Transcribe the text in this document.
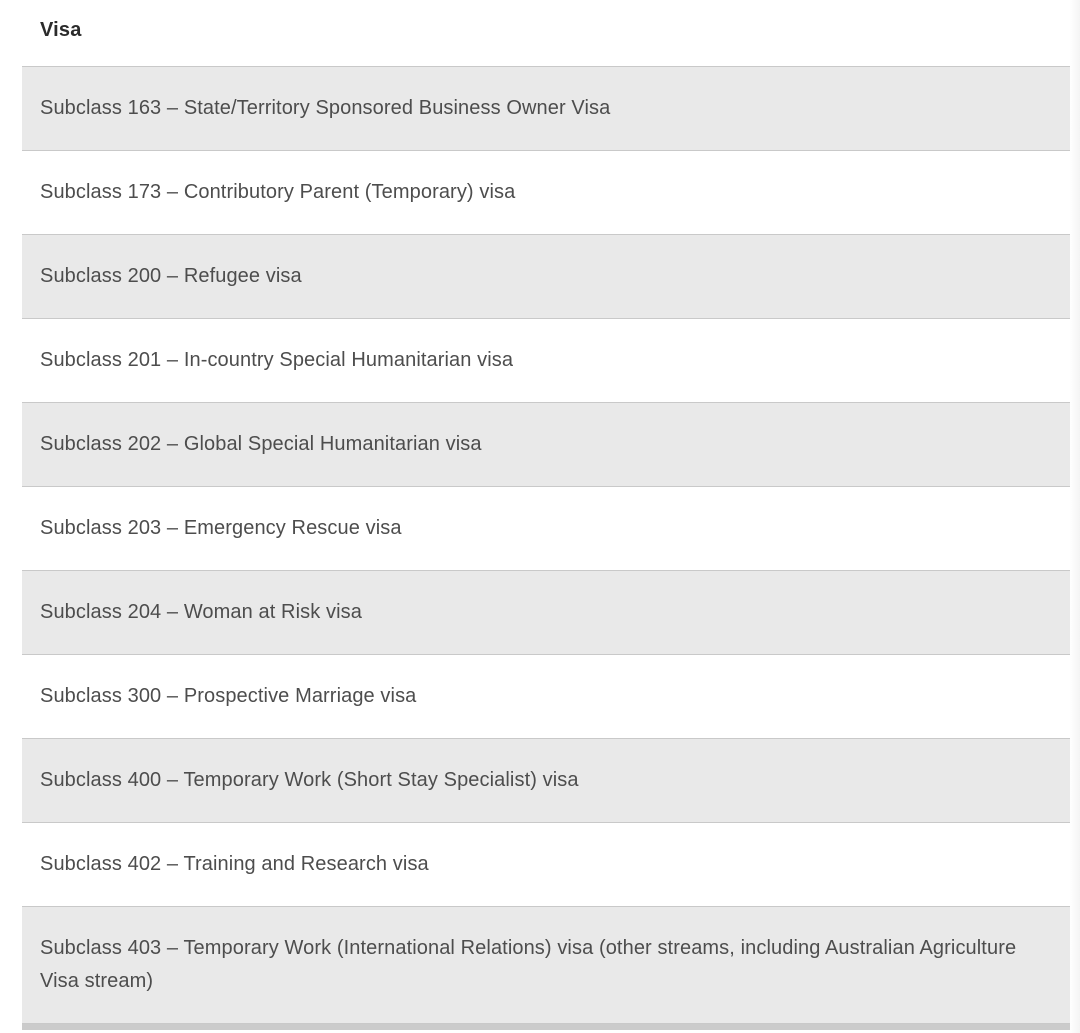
Visa
Subclass 163 – State/Territory Sponsored Business Owner Visa
Subclass 173 – Contributory Parent (Temporary) visa
Subclass 200 – Refugee visa
Subclass 201 – In-country Special Humanitarian visa
Subclass 202 – Global Special Humanitarian visa
Subclass 203 – Emergency Rescue visa
Subclass 204 – Woman at Risk visa
Subclass 300 – Prospective Marriage visa
Subclass 400 – Temporary Work (Short Stay Specialist) visa
Subclass 402 – Training and Research visa
Subclass 403 – Temporary Work (International Relations) visa (other streams, including Australian Agriculture Visa stream)
